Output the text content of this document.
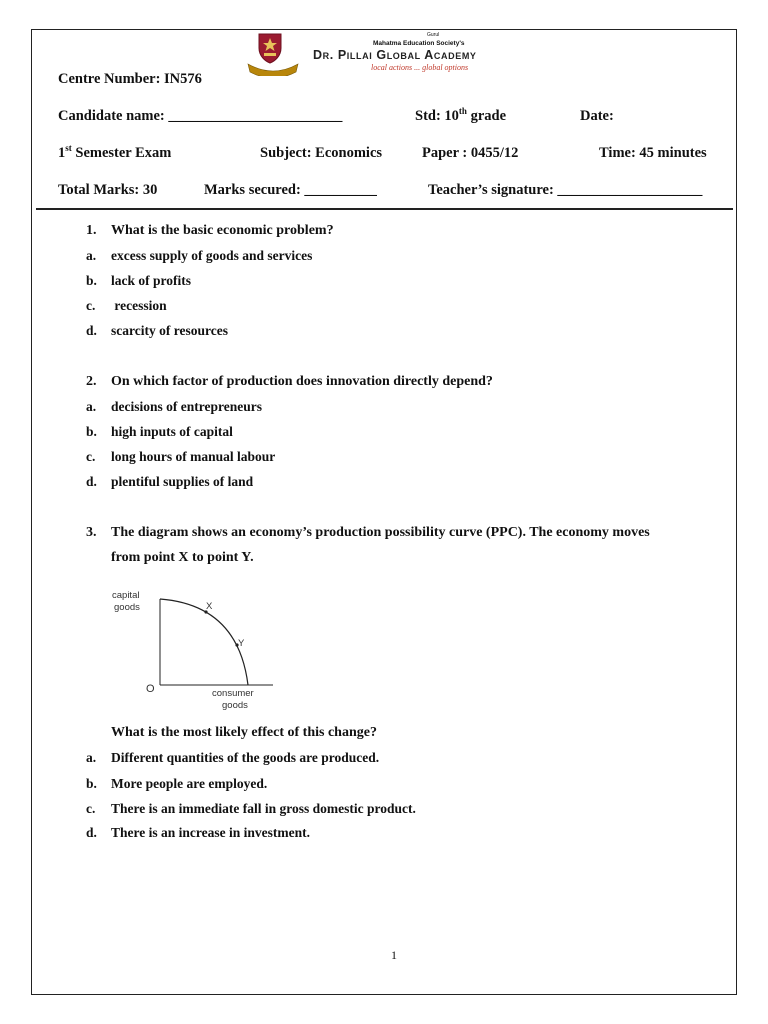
Gurul
Mahatma Education Society's
Dr. Pillai Global Academy
local actions ... global options
Centre Number: IN576
Candidate name: ________________________	Std: 10th grade	Date:
1st Semester Exam	Subject: Economics	Paper : 0455/12	Time: 45 minutes
Total Marks: 30	Marks secured: __________	Teacher’s signature: ____________________
1. What is the basic economic problem?
a. excess supply of goods and services
b. lack of profits
c. recession
d. scarcity of resources
2. On which factor of production does innovation directly depend?
a. decisions of entrepreneurs
b. high inputs of capital
c. long hours of manual labour
d. plentiful supplies of land
3. The diagram shows an economy’s production possibility curve (PPC). The economy moves
from point X to point Y.
capital
goods	X
Y
O	consumer
goods
What is the most likely effect of this change?
a. Different quantities of the goods are produced.
b. More people are employed.
c. There is an immediate fall in gross domestic product.
d. There is an increase in investment.
1
